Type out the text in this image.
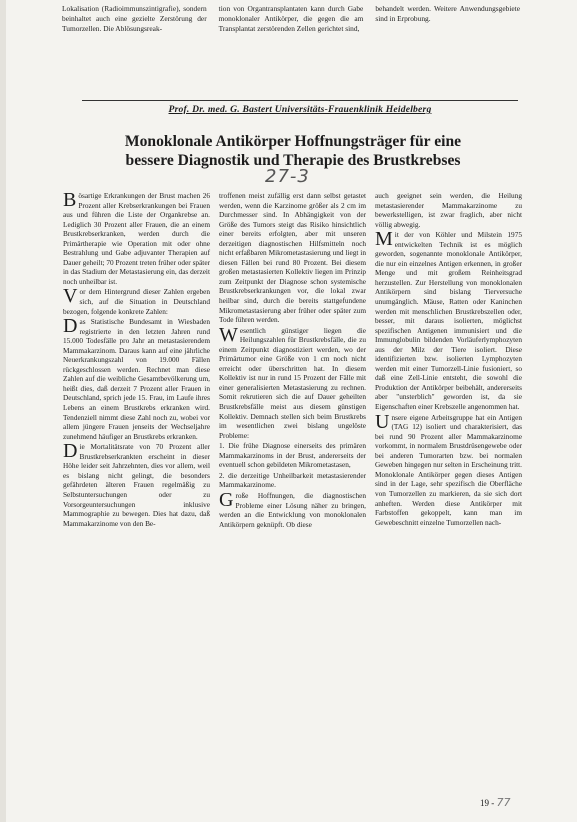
Lokalisation (Radioimmunszintigrafie), sondern beinhaltet auch eine gezielte Zerstörung der Tumorzellen. Die Ablösungsreak-
tion von Organtransplantaten kann durch Gabe monoklonaler Antikörper, die gegen die am Transplantat zerstörenden Zellen gerichtet sind,
behandelt werden. Weitere Anwendungsgebiete sind in Erprobung.
Prof. Dr. med. G. Bastert Universitäts-Frauenklinik Heidelberg
Monoklonale Antikörper Hoffnungsträger für eine
bessere Diagnostik und Therapie des Brustkrebses
27-3

Bösartige Erkrankungen der Brust machen 26 Prozent aller Krebserkrankungen bei Frauen aus und führen die Liste der Organkrebse an. Lediglich 30 Prozent aller Frauen, die an einem Brustkrebserkranken, werden durch die Primärtherapie wie Operation mit oder ohne Bestrahlung und Gabe adjuvanter Therapien auf Dauer geheilt; 70 Prozent treten früher oder später in das Stadium der Metastasierung ein, das derzeit noch unheilbar ist.

Vor dem Hintergrund dieser Zahlen ergeben sich, auf die Situation in Deutschland bezogen, folgende konkrete Zahlen:

Das Statistische Bundesamt in Wiesbaden registrierte in den letzten Jahren rund 15.000 Todesfälle pro Jahr an metastasierendem Mammakarzinom. Daraus kann auf eine jährliche Neuerkrankungszahl von 19.000 Fällen rückgeschlossen werden. Rechnet man diese Zahlen auf die weibliche Gesamtbevölkerung um, heißt dies, daß derzeit 7 Prozent aller Frauen in Deutschland, sprich jede 15. Frau, im Laufe ihres Lebens an einem Brustkrebs erkranken wird. Tendenziell nimmt diese Zahl noch zu, wobei vor allem jüngere Frauen jenseits der Wechseljahre zunehmend häufiger an Brustkrebs erkranken.

Die Mortalitätsrate von 70 Prozent aller Brustkrebserkrankten erscheint in dieser Höhe leider seit Jahrzehnten, dies vor allem, weil es bislang nicht gelingt, die besonders gefährdeten älteren Frauen regelmäßig zu Selbstuntersuchungen oder zu Vorsorgeuntersuchungen inklusive Mammographie zu bewegen. Dies hat dazu, daß Mammakarzinome von den Be-

troffenen meist zufällig erst dann selbst getastet werden, wenn die Karzinome größer als 2 cm im Durchmesser sind. In Abhängigkeit von der Größe des Tumors steigt das Risiko hinsichtlich einer bereits erfolgten, aber mit unseren derzeitigen diagnostischen Hilfsmitteln noch nicht erfaßbaren Mikrometastasierung und liegt in diesen Fällen bei rund 80 Prozent. Bei diesem großen metastasierten Kollektiv liegen im Prinzip zum Zeitpunkt der Diagnose schon systemische Brustkrebserkrankungen vor, die lokal zwar heilbar sind, durch die bereits stattgefundene Mikrometastasierung aber früher oder später zum Tode führen werden.

Wesentlich günstiger liegen die Heilungszahlen für Brustkrebsfälle, die zu einem Zeitpunkt diagnostiziert werden, wo der Primärtumor eine Größe von 1 cm noch nicht erreicht oder überschritten hat. In diesem Kollektiv ist nur in rund 15 Prozent der Fälle mit einer generalisierten Metastasierung zu rechnen. Somit rekrutieren sich die auf Dauer geheilten Brustkrebsfälle meist aus diesem günstigen Kollektiv. Demnach stellen sich beim Brustkrebs im wesentlichen zwei bislang ungelöste Probleme:

1. Die frühe Diagnose einerseits des primären Mammakarzinoms in der Brust, andererseits der eventuell schon gebildeten Mikrometastasen,

2. die derzeitige Unheilbarkeit metastasierender Mammakarzinome.

Große Hoffnungen, die diagnostischen Probleme einer Lösung näher zu bringen, werden an die Entwicklung von monoklonalen Antikörpern geknüpft. Ob diese

auch geeignet sein werden, die Heilung metastasierender Mammakarzinome zu bewerkstelligen, ist zwar fraglich, aber nicht völlig abwegig.

Mit der von Köhler und Milstein 1975 entwickelten Technik ist es möglich geworden, sogenannte monoklonale Antikörper, die nur ein einzelnes Antigen erkennen, in großer Menge und mit großem Reinheitsgrad herzustellen. Zur Herstellung von monoklonalen Antikörpern sind bislang Tierversuche unumgänglich. Mäuse, Ratten oder Kaninchen werden mit menschlichen Brustkrebszellen oder, besser, mit daraus isolierten, möglichst spezifischen Antigenen immunisiert und die Immunglobulin bildenden Vorläuferlymphozyten aus der Milz der Tiere isoliert. Diese identifizierten bzw. isolierten Lymphozyten werden mit einer Tumorzell-Linie fusioniert, so daß eine Zell-Linie entsteht, die sowohl die Produktion der Antikörper beibehält, andererseits aber "unsterblich" geworden ist, da sie Eigenschaften einer Krebszelle angenommen hat.

Unsere eigene Arbeitsgruppe hat ein Antigen (TAG 12) isoliert und charakterisiert, das bei rund 90 Prozent aller Mammakarzinome vorkommt, in normalem Brustdrüsengewebe oder bei anderen Tumorarten bzw. bei normalen Geweben hingegen nur selten in Erscheinung tritt. Monoklonale Antikörper gegen dieses Antigen sind in der Lage, sehr spezifisch die Oberfläche von Tumorzellen zu markieren, da sie sich dort anheften. Werden diese Antikörper mit Farbstoffen gekoppelt, kann man im Gewebeschnitt einzelne Tumorzellen nach-

19 - 77
